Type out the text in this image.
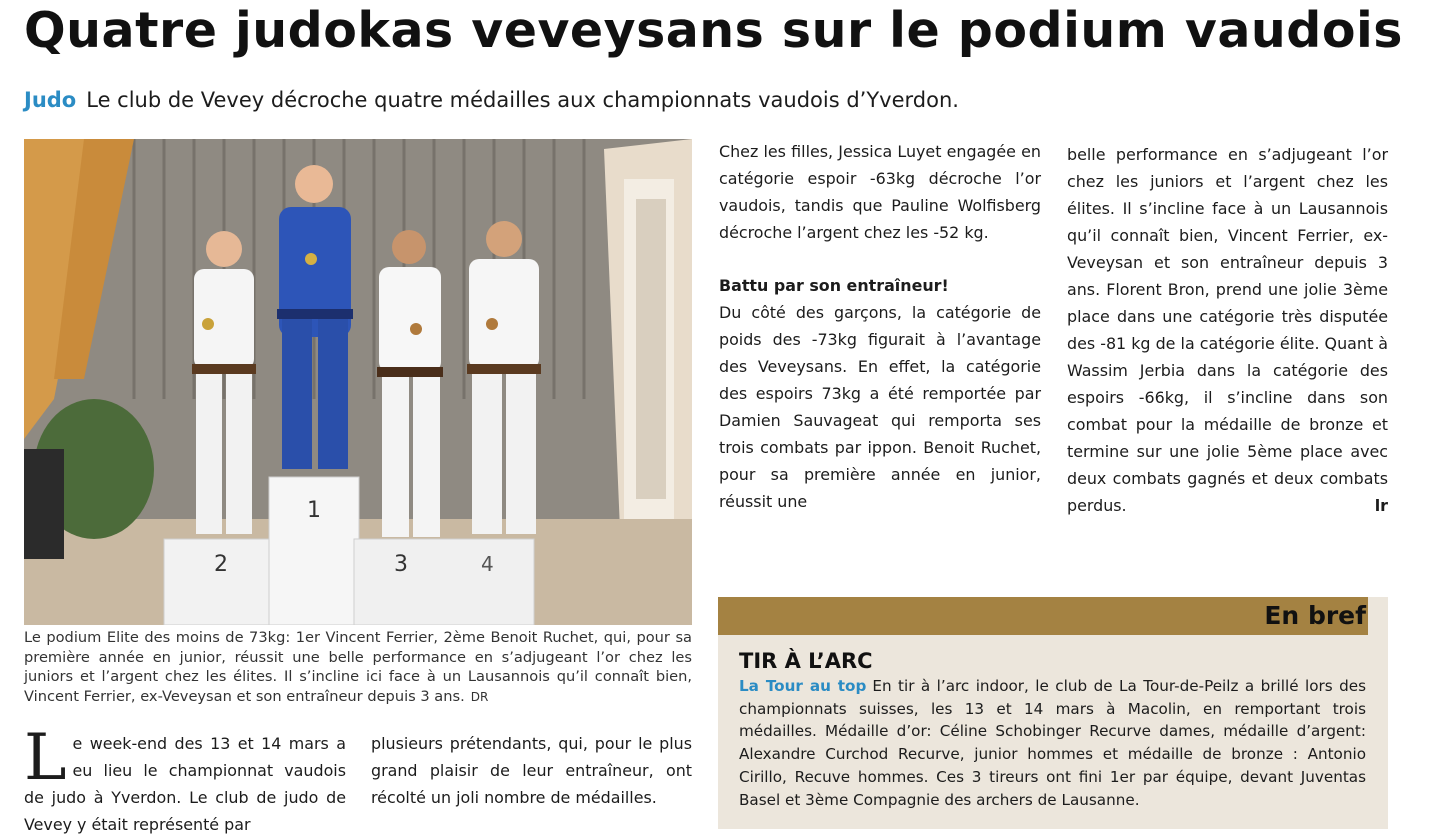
Quatre judokas veveysans sur le podium vaudois
Judo Le club de Vevey décroche quatre médailles aux championnats vaudois d’Yverdon.
2
1
3	4
Le podium Elite des moins de 73kg: 1er Vincent Ferrier, 2ème Benoit Ruchet, qui, pour sa première année en junior, réussit une belle performance en s’adjugeant l’or chez les juniors et l’argent chez les élites. Il s’incline ici face à un Lausannois qu’il connaît bien, Vincent Ferrier, ex-Veveysan et son entraîneur depuis 3 ans. DR

Chez les filles, Jessica Luyet engagée en catégorie espoir -63kg décroche l’or vaudois, tandis que Pauline Wolfisberg décroche l’argent chez les -52 kg.

Battu par son entraîneur!

Du côté des garçons, la catégorie de poids des -73kg figurait à l’avantage des Veveysans. En effet, la catégorie des espoirs 73kg a été remportée par Damien Sauvageat qui remporta ses trois combats par ippon. Benoit Ruchet, pour sa première année en junior, réussit une

belle performance en s’adjugeant l’or chez les juniors et l’argent chez les élites. Il s’incline face à un Lausannois qu’il connaît bien, Vincent Ferrier, ex-Veveysan et son entraîneur depuis 3 ans. Florent Bron, prend une jolie 3ème place dans une catégorie très disputée des -81 kg de la catégorie élite. Quant à Wassim Jerbia dans la catégorie des espoirs -66kg, il s’incline dans son combat pour la médaille de bronze et termine sur une jolie 5ème place avec deux combats gagnés et deux combats perdus.	lr

Le week-end des 13 et 14 mars a eu lieu le championnat vaudois de judo à Yverdon. Le club de judo de Vevey y était représenté par

plusieurs prétendants, qui, pour le plus grand plaisir de leur entraîneur, ont récolté un joli nombre de médailles.

En bref

TIR À L’ARC

La Tour au top En tir à l’arc indoor, le club de La Tour-de-Peilz a brillé lors des championnats suisses, les 13 et 14 mars à Macolin, en remportant trois médailles. Médaille d’or: Céline Schobinger Recurve dames, médaille d’argent: Alexandre Curchod Recurve, junior hommes et médaille de bronze : Antonio Cirillo, Recuve hommes. Ces 3 tireurs ont fini 1er par équipe, devant Juventas Basel et 3ème Compagnie des archers de Lausanne.
